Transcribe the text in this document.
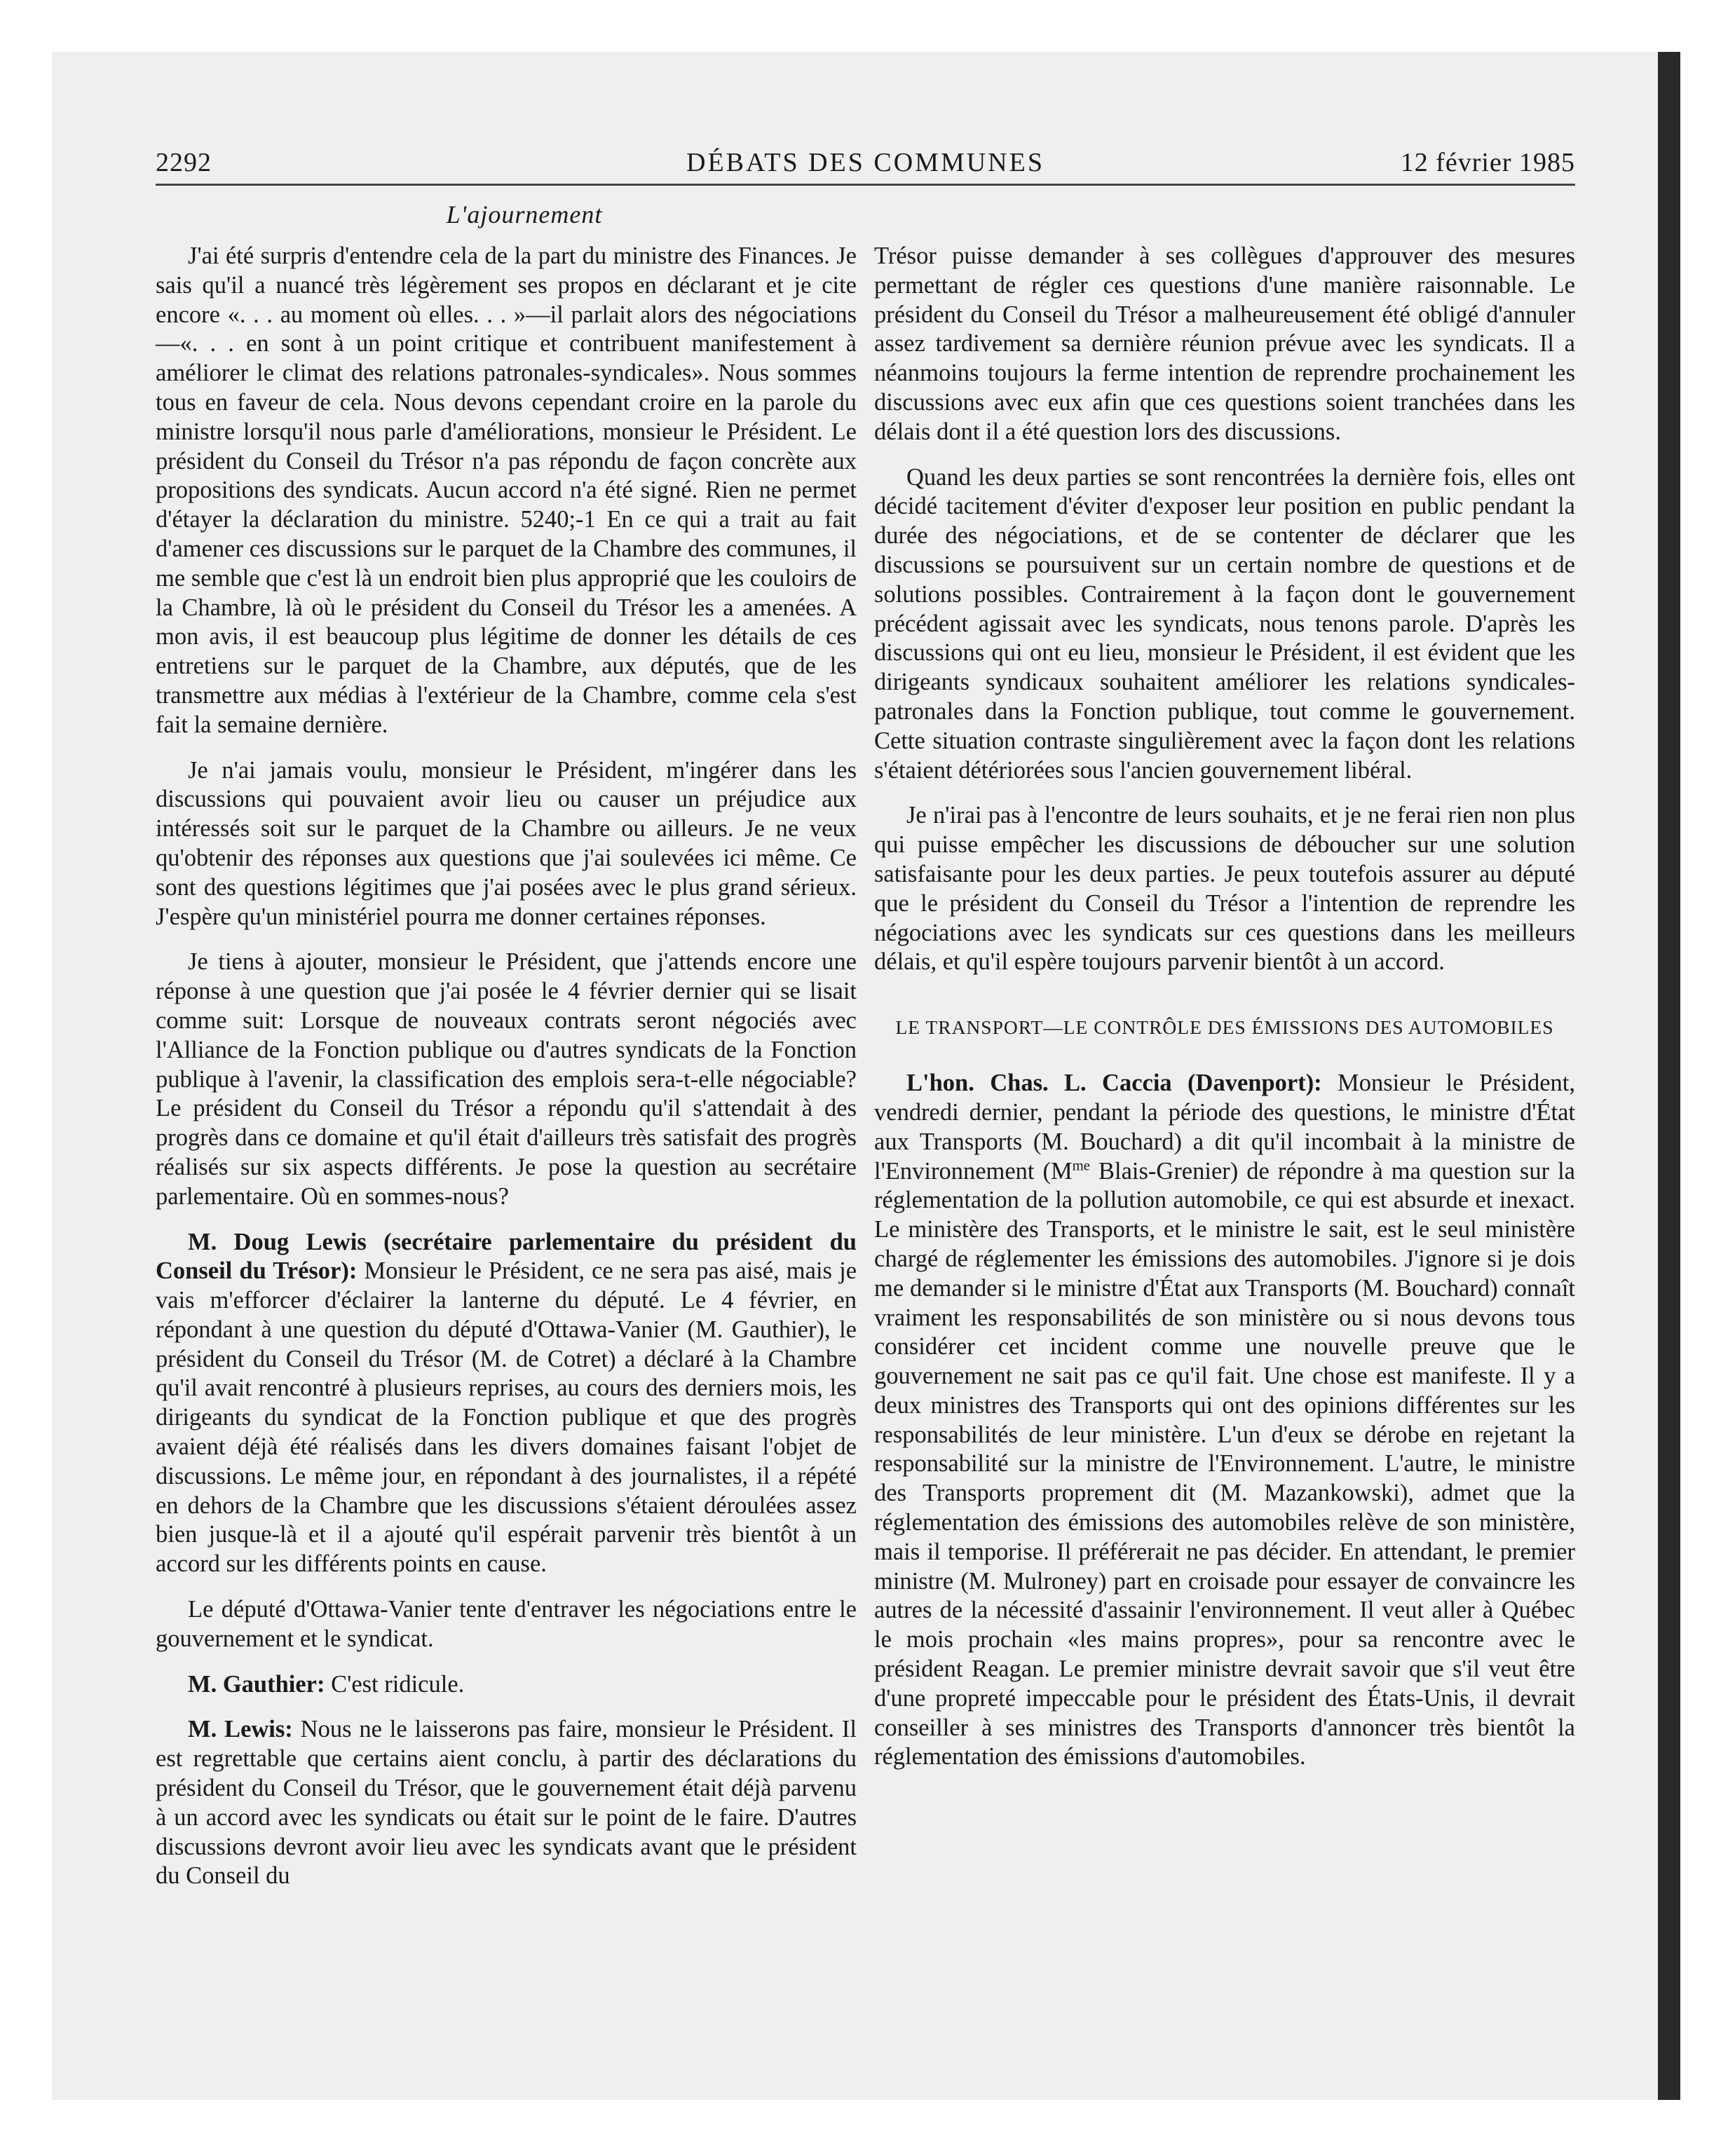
2292	DÉBATS DES COMMUNES	12 février 1985
L'ajournement

J'ai été surpris d'entendre cela de la part du ministre des Finances. Je sais qu'il a nuancé très légèrement ses propos en déclarant et je cite encore «. . . au moment où elles. . . »—il parlait alors des négociations—«. . . en sont à un point critique et contribuent manifestement à améliorer le climat des relations patronales-syndicales». Nous sommes tous en faveur de cela. Nous devons cependant croire en la parole du ministre lorsqu'il nous parle d'améliorations, monsieur le Président. Le président du Conseil du Trésor n'a pas répondu de façon concrète aux propositions des syndicats. Aucun accord n'a été signé. Rien ne permet d'étayer la déclaration du ministre. 5240;-1 En ce qui a trait au fait d'amener ces discussions sur le parquet de la Chambre des communes, il me semble que c'est là un endroit bien plus approprié que les couloirs de la Chambre, là où le président du Conseil du Trésor les a amenées. A mon avis, il est beaucoup plus légitime de donner les détails de ces entretiens sur le parquet de la Chambre, aux députés, que de les transmettre aux médias à l'extérieur de la Chambre, comme cela s'est fait la semaine dernière.

Je n'ai jamais voulu, monsieur le Président, m'ingérer dans les discussions qui pouvaient avoir lieu ou causer un préjudice aux intéressés soit sur le parquet de la Chambre ou ailleurs. Je ne veux qu'obtenir des réponses aux questions que j'ai soulevées ici même. Ce sont des questions légitimes que j'ai posées avec le plus grand sérieux. J'espère qu'un ministériel pourra me donner certaines réponses.

Je tiens à ajouter, monsieur le Président, que j'attends encore une réponse à une question que j'ai posée le 4 février dernier qui se lisait comme suit: Lorsque de nouveaux contrats seront négociés avec l'Alliance de la Fonction publique ou d'autres syndicats de la Fonction publique à l'avenir, la classification des emplois sera-t-elle négociable? Le président du Conseil du Trésor a répondu qu'il s'attendait à des progrès dans ce domaine et qu'il était d'ailleurs très satisfait des progrès réalisés sur six aspects différents. Je pose la question au secrétaire parlementaire. Où en sommes-nous?

M. Doug Lewis (secrétaire parlementaire du président du Conseil du Trésor): Monsieur le Président, ce ne sera pas aisé, mais je vais m'efforcer d'éclairer la lanterne du député. Le 4 février, en répondant à une question du député d'Ottawa-Vanier (M. Gauthier), le président du Conseil du Trésor (M. de Cotret) a déclaré à la Chambre qu'il avait rencontré à plusieurs reprises, au cours des derniers mois, les dirigeants du syndicat de la Fonction publique et que des progrès avaient déjà été réalisés dans les divers domaines faisant l'objet de discussions. Le même jour, en répondant à des journalistes, il a répété en dehors de la Chambre que les discussions s'étaient déroulées assez bien jusque-là et il a ajouté qu'il espérait parvenir très bientôt à un accord sur les différents points en cause.

Le député d'Ottawa-Vanier tente d'entraver les négociations entre le gouvernement et le syndicat.

M. Gauthier: C'est ridicule.

M. Lewis: Nous ne le laisserons pas faire, monsieur le Président. Il est regrettable que certains aient conclu, à partir des déclarations du président du Conseil du Trésor, que le gouvernement était déjà parvenu à un accord avec les syndicats ou était sur le point de le faire. D'autres discussions devront avoir lieu avec les syndicats avant que le président du Conseil du

Trésor puisse demander à ses collègues d'approuver des mesures permettant de régler ces questions d'une manière raisonnable. Le président du Conseil du Trésor a malheureusement été obligé d'annuler assez tardivement sa dernière réunion prévue avec les syndicats. Il a néanmoins toujours la ferme intention de reprendre prochainement les discussions avec eux afin que ces questions soient tranchées dans les délais dont il a été question lors des discussions.

Quand les deux parties se sont rencontrées la dernière fois, elles ont décidé tacitement d'éviter d'exposer leur position en public pendant la durée des négociations, et de se contenter de déclarer que les discussions se poursuivent sur un certain nombre de questions et de solutions possibles. Contrairement à la façon dont le gouvernement précédent agissait avec les syndicats, nous tenons parole. D'après les discussions qui ont eu lieu, monsieur le Président, il est évident que les dirigeants syndicaux souhaitent améliorer les relations syndicales-patronales dans la Fonction publique, tout comme le gouvernement. Cette situation contraste singulièrement avec la façon dont les relations s'étaient détériorées sous l'ancien gouvernement libéral.

Je n'irai pas à l'encontre de leurs souhaits, et je ne ferai rien non plus qui puisse empêcher les discussions de déboucher sur une solution satisfaisante pour les deux parties. Je peux toutefois assurer au député que le président du Conseil du Trésor a l'intention de reprendre les négociations avec les syndicats sur ces questions dans les meilleurs délais, et qu'il espère toujours parvenir bientôt à un accord.

LE TRANSPORT—LE CONTRÔLE DES ÉMISSIONS DES AUTOMOBILES

L'hon. Chas. L. Caccia (Davenport): Monsieur le Président, vendredi dernier, pendant la période des questions, le ministre d'État aux Transports (M. Bouchard) a dit qu'il incombait à la ministre de l'Environnement ($M^{me}$ Blais-Grenier) de répondre à ma question sur la réglementation de la pollution automobile, ce qui est absurde et inexact. Le ministère des Transports, et le ministre le sait, est le seul ministère chargé de réglementer les émissions des automobiles. J'ignore si je dois me demander si le ministre d'État aux Transports (M. Bouchard) connaît vraiment les responsabilités de son ministère ou si nous devons tous considérer cet incident comme une nouvelle preuve que le gouvernement ne sait pas ce qu'il fait. Une chose est manifeste. Il y a deux ministres des Transports qui ont des opinions différentes sur les responsabilités de leur ministère. L'un d'eux se dérobe en rejetant la responsabilité sur la ministre de l'Environnement. L'autre, le ministre des Transports proprement dit (M. Mazankowski), admet que la réglementation des émissions des automobiles relève de son ministère, mais il temporise. Il préférerait ne pas décider. En attendant, le premier ministre (M. Mulroney) part en croisade pour essayer de convaincre les autres de la nécessité d'assainir l'environnement. Il veut aller à Québec le mois prochain «les mains propres», pour sa rencontre avec le président Reagan. Le premier ministre devrait savoir que s'il veut être d'une propreté impeccable pour le président des États-Unis, il devrait conseiller à ses ministres des Transports d'annoncer très bientôt la réglementation des émissions d'automobiles.
